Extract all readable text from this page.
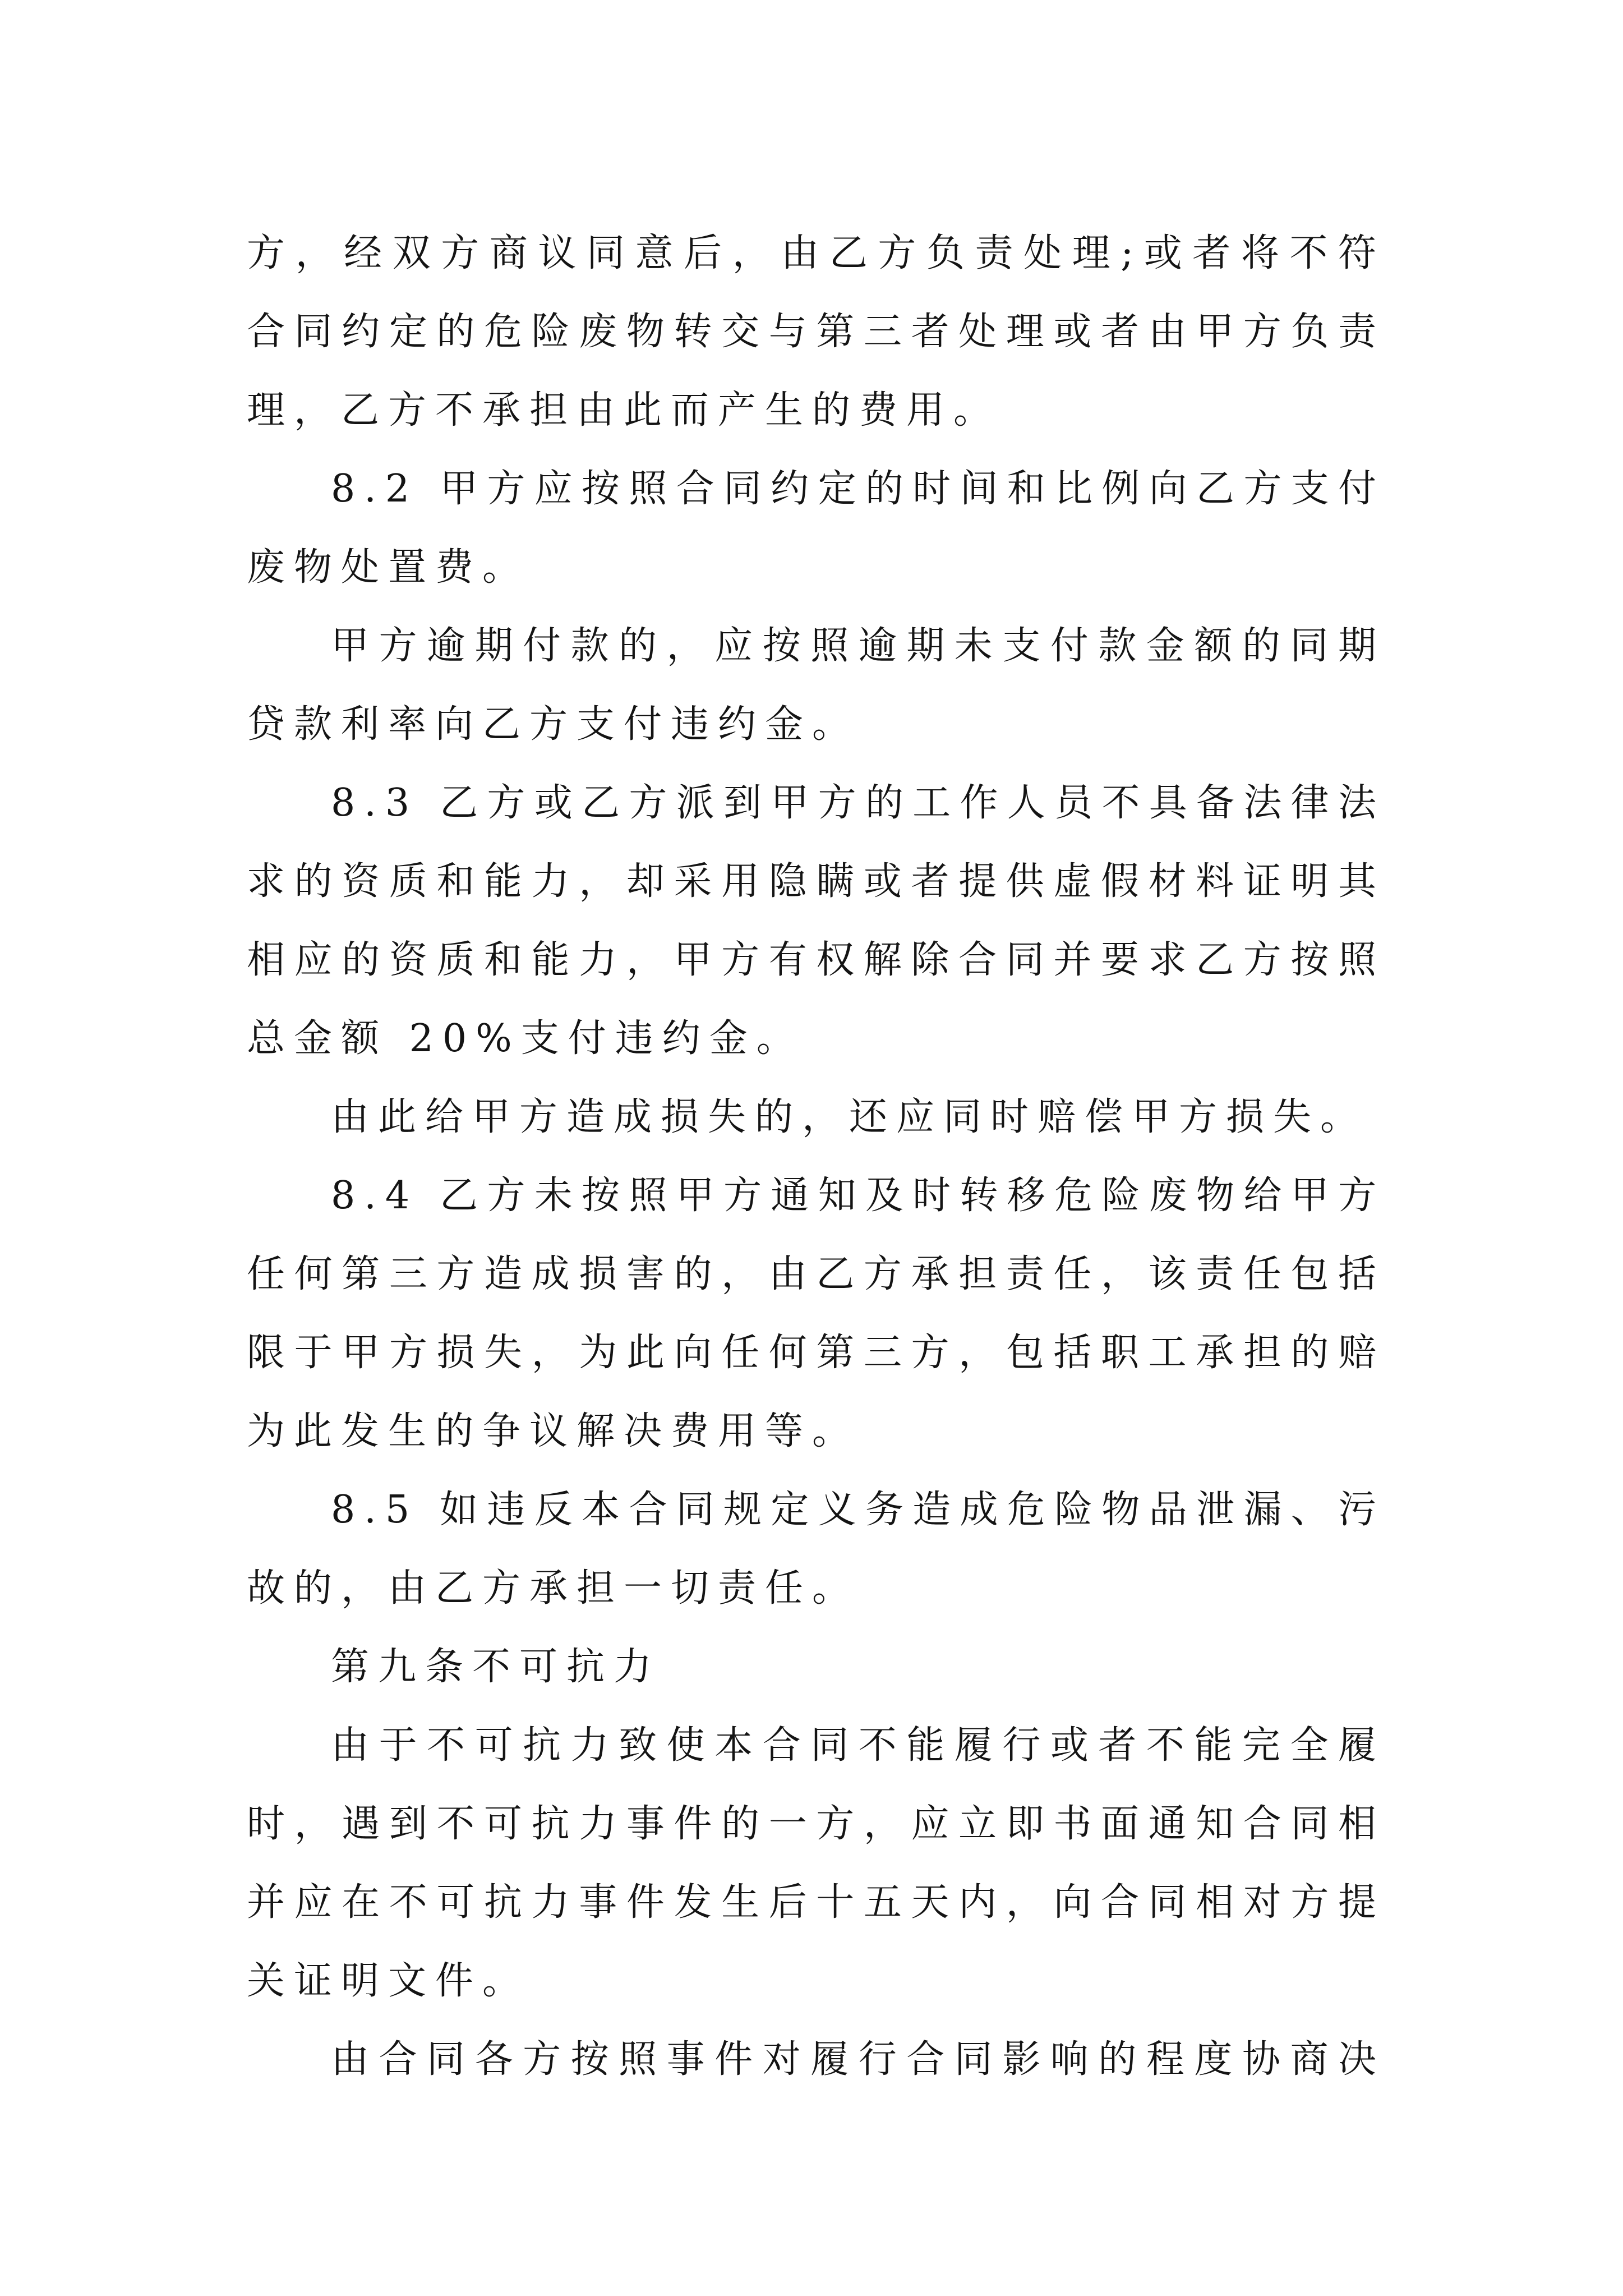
方，经双方商议同意后，由乙方负责处理;或者将不符
合同约定的危险废物转交与第三者处理或者由甲方负责
理，乙方不承担由此而产生的费用。
8.2 甲方应按照合同约定的时间和比例向乙方支付
废物处置费。
甲方逾期付款的，应按照逾期未支付款金额的同期
贷款利率向乙方支付违约金。
8.3 乙方或乙方派到甲方的工作人员不具备法律法
求的资质和能力，却采用隐瞒或者提供虚假材料证明其
相应的资质和能力，甲方有权解除合同并要求乙方按照
总金额 20%支付违约金。
由此给甲方造成损失的，还应同时赔偿甲方损失。
8.4 乙方未按照甲方通知及时转移危险废物给甲方
任何第三方造成损害的，由乙方承担责任，该责任包括
限于甲方损失，为此向任何第三方，包括职工承担的赔
为此发生的争议解决费用等。
8.5 如违反本合同规定义务造成危险物品泄漏、污
故的，由乙方承担一切责任。
第九条不可抗力
由于不可抗力致使本合同不能履行或者不能完全履
时，遇到不可抗力事件的一方，应立即书面通知合同相
并应在不可抗力事件发生后十五天内，向合同相对方提
关证明文件。
由合同各方按照事件对履行合同影响的程度协商决
